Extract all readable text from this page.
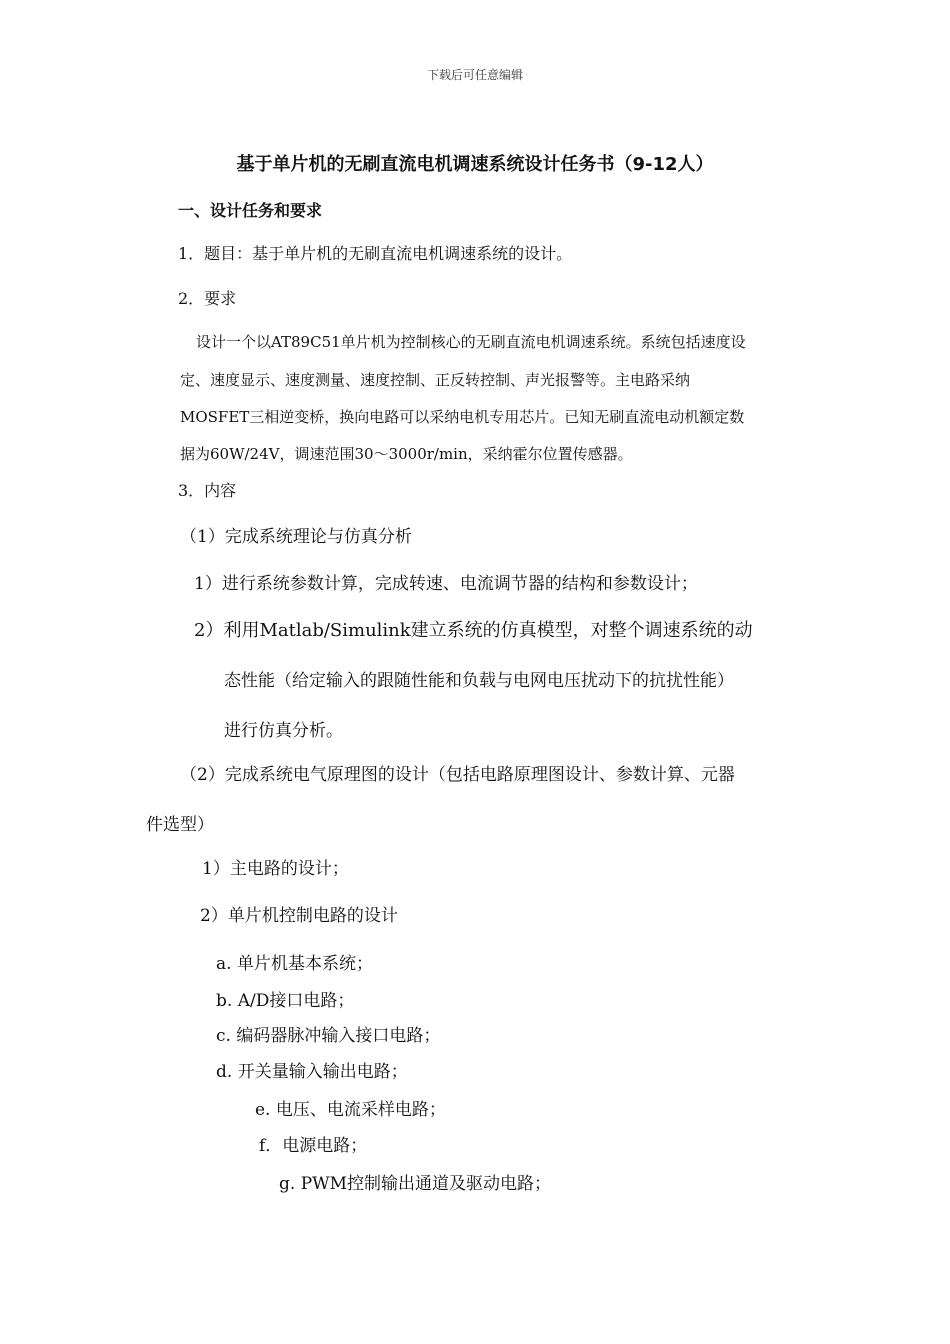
下载后可任意编辑
基于单片机的无刷直流电机调速系统设计任务书（9-12人）
一、设计任务和要求
1．题目：基于单片机的无刷直流电机调速系统的设计。
2．要求
设计一个以AT89C51单片机为控制核心的无刷直流电机调速系统。系统包括速度设
定、速度显示、速度测量、速度控制、正反转控制、声光报警等。主电路采纳
MOSFET三相逆变桥，换向电路可以采纳电机专用芯片。已知无刷直流电动机额定数
据为60W/24V，调速范围30～3000r/min，采纳霍尔位置传感器。
3．内容
（1）完成系统理论与仿真分析
1）进行系统参数计算，完成转速、电流调节器的结构和参数设计；
2）利用Matlab/Simulink建立系统的仿真模型，对整个调速系统的动
态性能（给定输入的跟随性能和负载与电网电压扰动下的抗扰性能）
进行仿真分析。
（2）完成系统电气原理图的设计（包括电路原理图设计、参数计算、元器
件选型）
1）主电路的设计；
2）单片机控制电路的设计
a. 单片机基本系统；
b. A/D接口电路；
c. 编码器脉冲输入接口电路；
d. 开关量输入输出电路；
e. 电压、电流采样电路；
f．电源电路；
g. PWM控制输出通道及驱动电路；
